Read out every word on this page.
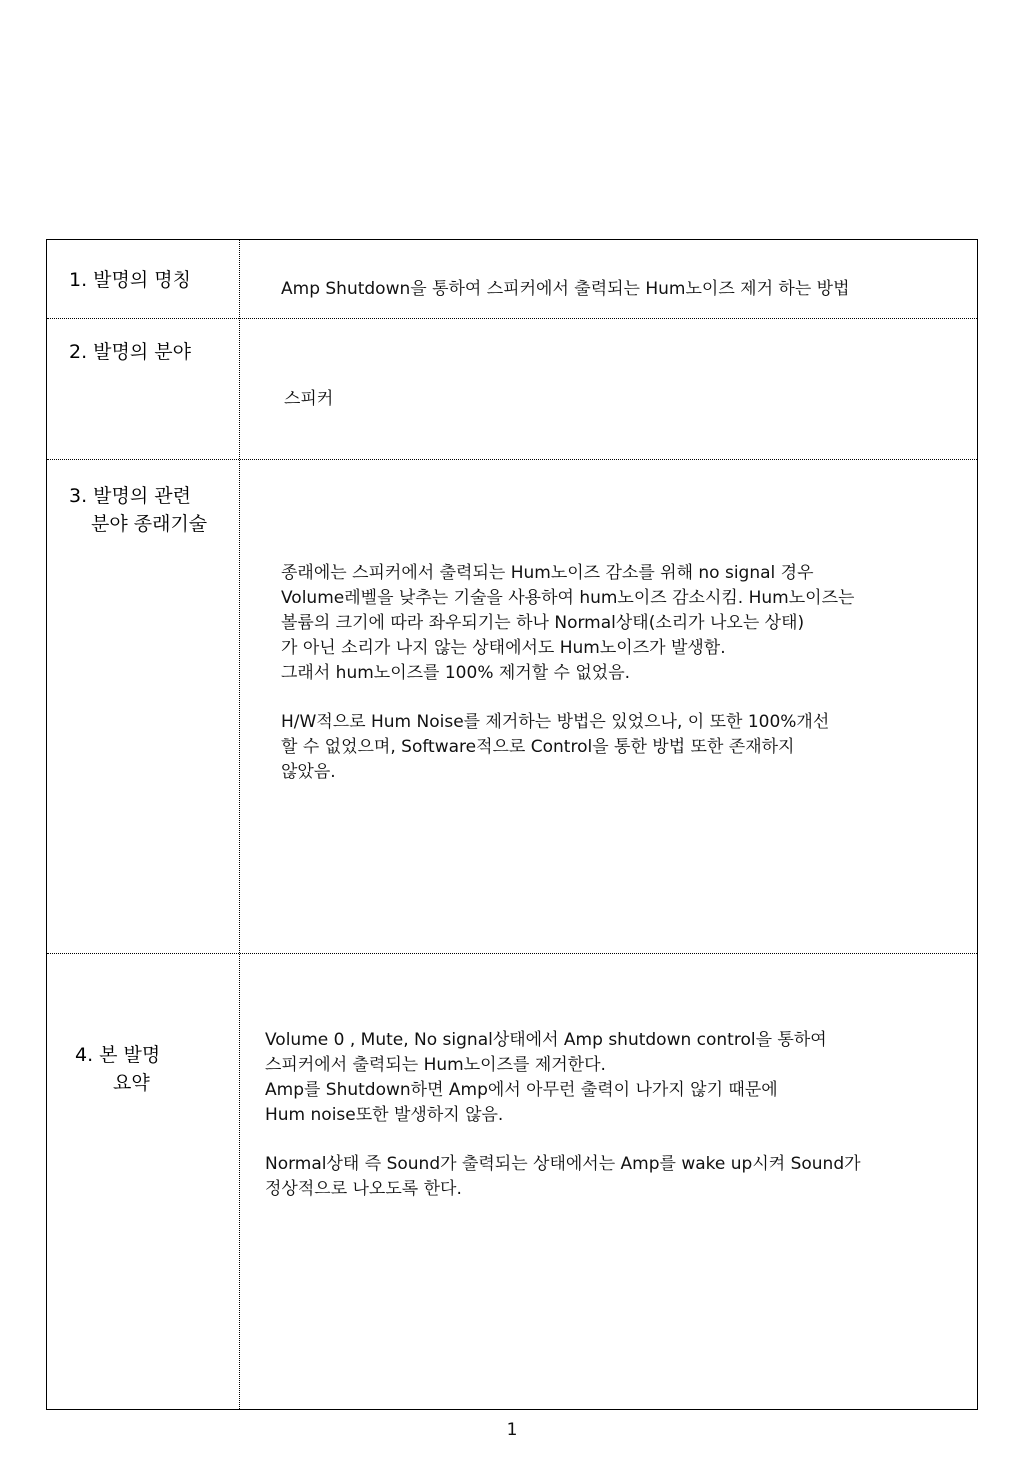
1. 발명의 명칭	Amp Shutdown을 통하여 스피커에서 출력되는 Hum노이즈 제거 하는 방법

2. 발명의 분야

스피커

3. 발명의 관련
분야 종래기술

종래에는 스피커에서 출력되는 Hum노이즈 감소를 위해 no signal 경우
Volume레벨을 낮추는 기술을 사용하여 hum노이즈 감소시킴. Hum노이즈는
볼륨의 크기에 따라 좌우되기는 하나 Normal상태(소리가 나오는 상태)
가 아닌 소리가 나지 않는 상태에서도 Hum노이즈가 발생함.
그래서 hum노이즈를 100% 제거할 수 없었음.

H/W적으로 Hum Noise를 제거하는 방법은 있었으나, 이 또한 100%개선
할 수 없었으며, Software적으로 Control을 통한 방법 또한 존재하지
않았음.

4. 본 발명
요약

Volume 0 , Mute, No signal상태에서 Amp shutdown control을 통하여
스피커에서 출력되는 Hum노이즈를 제거한다.
Amp를 Shutdown하면 Amp에서 아무런 출력이 나가지 않기 때문에
Hum noise또한 발생하지 않음.

Normal상태 즉 Sound가 출력되는 상태에서는 Amp를 wake up시켜 Sound가
정상적으로 나오도록 한다.

1
